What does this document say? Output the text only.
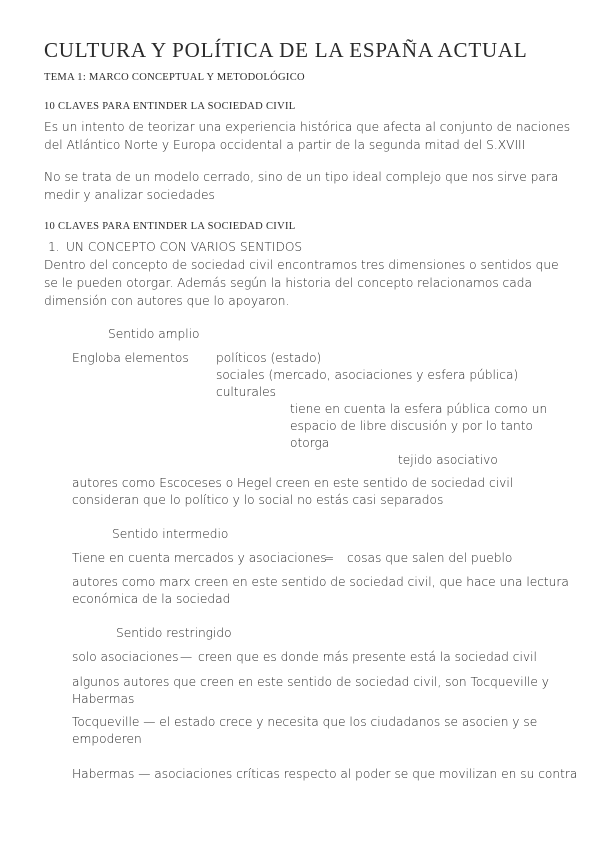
CULTURA Y POLÍTICA DE LA ESPAÑA ACTUAL
TEMA 1: MARCO CONCEPTUAL Y METODOLÓGICO
10 CLAVES PARA ENTINDER LA SOCIEDAD CIVIL
Es un intento de teorizar una experiencia histórica que afecta al conjunto de naciones
del Atlántico Norte y Europa occidental a partir de la segunda mitad del S.XVIII
No se trata de un modelo cerrado, sino de un tipo ideal complejo que nos sirve para
medir y analizar sociedades
10 CLAVES PARA ENTINDER LA SOCIEDAD CIVIL
1. UN CONCEPTO CON VARIOS SENTIDOS
Dentro del concepto de sociedad civil encontramos tres dimensiones o sentidos que
se le pueden otorgar. Además según la historia del concepto relacionamos cada
dimensión con autores que lo apoyaron.
Sentido amplio
Engloba elementos políticos (estado)
sociales (mercado, asociaciones y esfera pública)
culturales
tiene en cuenta la esfera pública como un
espacio de libre discusión y por lo tanto
otorga
tejido asociativo
autores como Escoceses o Hegel creen en este sentido de sociedad civil
consideran que lo político y lo social no estás casi separados
Sentido intermedio
Tiene en cuenta mercados y asociaciones
= cosas que salen del pueblo
autores como marx creen en este sentido de sociedad civil, que hace una lectura
económica de la sociedad
Sentido restringido
solo asociaciones — creen que es donde más presente está la sociedad civil
algunos autores que creen en este sentido de sociedad civil, son Tocqueville y
Habermas
Tocqueville — el estado crece y necesita que los ciudadanos se asocien y se
empoderen
Habermas — asociaciones críticas respecto al poder se que movilizan en su contra
